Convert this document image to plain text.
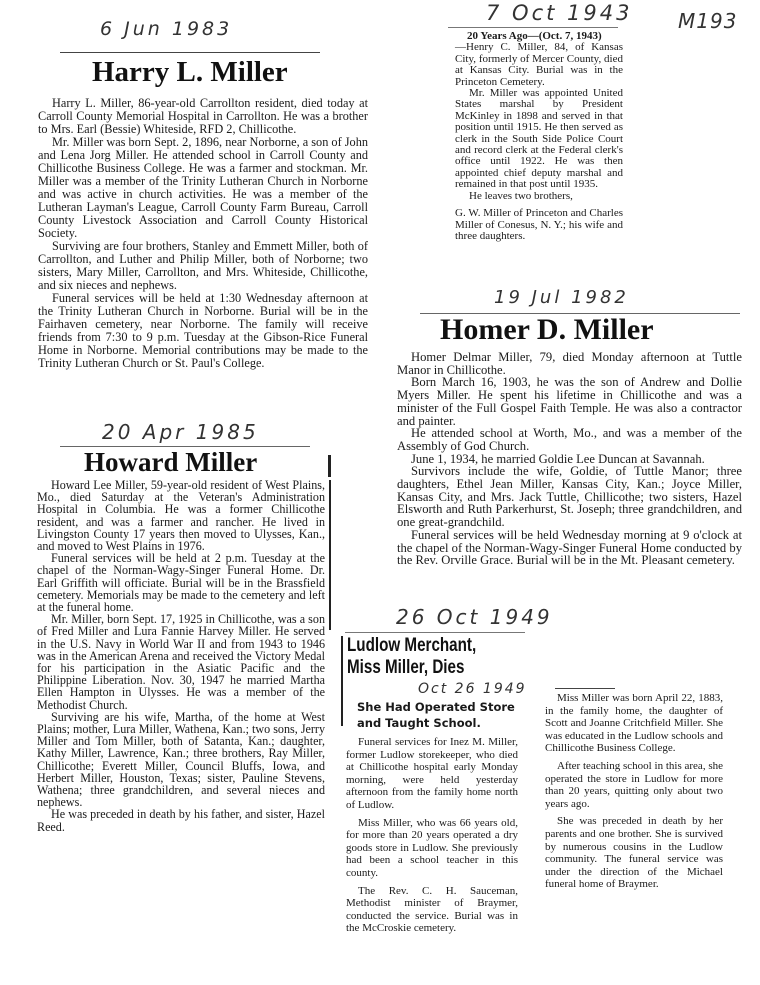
6 Jun 1983
Harry L. Miller

Harry L. Miller, 86-year-old Carrollton resident, died today at Carroll County Memorial Hospital in Carrollton. He was a brother to Mrs. Earl (Bessie) Whiteside, RFD 2, Chillicothe.

Mr. Miller was born Sept. 2, 1896, near Norborne, a son of John and Lena Jorg Miller. He attended school in Carroll County and Chillicothe Business College. He was a farmer and stockman. Mr. Miller was a member of the Trinity Lutheran Church in Norborne and was active in church activities. He was a member of the Lutheran Layman's League, Carroll County Farm Bureau, Carroll County Livestock Association and Carroll County Historical Society.

Surviving are four brothers, Stanley and Emmett Miller, both of Carrollton, and Luther and Philip Miller, both of Norborne; two sisters, Mary Miller, Carrollton, and Mrs. Whiteside, Chillicothe, and six nieces and nephews.

Funeral services will be held at 1:30 Wednesday afternoon at the Trinity Lutheran Church in Norborne. Burial will be in the Fairhaven cemetery, near Norborne. The family will receive friends from 7:30 to 9 p.m. Tuesday at the Gibson-Rice Funeral Home in Norborne. Memorial contributions may be made to the Trinity Lutheran Church or St. Paul's College.

7 Oct 1943 M193

20 Years Ago—(Oct. 7, 1943)

—Henry C. Miller, 84, of Kansas City, formerly of Mercer County, died at Kansas City. Burial was in the Princeton Cemetery.

Mr. Miller was appointed United States marshal by President McKinley in 1898 and served in that position until 1915. He then served as clerk in the South Side Police Court and record clerk at the Federal clerk's office until 1922. He was then appointed chief deputy marshal and remained in that post until 1935.

He leaves two brothers,

G. W. Miller of Princeton and Charles Miller of Conesus, N. Y.; his wife and three daughters.

19 Jul 1982
Homer D. Miller

Homer Delmar Miller, 79, died Monday afternoon at Tuttle Manor in Chillicothe.

Born March 16, 1903, he was the son of Andrew and Dollie Myers Miller. He spent his lifetime in Chillicothe and was a minister of the Full Gospel Faith Temple. He was also a contractor and painter.

He attended school at Worth, Mo., and was a member of the Assembly of God Church.

June 1, 1934, he married Goldie Lee Duncan at Savannah.

Survivors include the wife, Goldie, of Tuttle Manor; three daughters, Ethel Jean Miller, Kansas City, Kan.; Joyce Miller, Kansas City, and Mrs. Jack Tuttle, Chillicothe; two sisters, Hazel Elsworth and Ruth Parkerhurst, St. Joseph; three grandchildren, and one great-grandchild.

Funeral services will be held Wednesday morning at 9 o'clock at the chapel of the Norman-Wagy-Singer Funeral Home conducted by the Rev. Orville Grace. Burial will be in the Mt. Pleasant cemetery.

20 Apr 1985
Howard Miller

Howard Lee Miller, 59-year-old resident of West Plains, Mo., died Saturday at the Veteran's Administration Hospital in Columbia. He was a former Chillicothe resident, and was a farmer and rancher. He lived in Livingston County 17 years then moved to Ulysses, Kan., and moved to West Plains in 1976.

Funeral services will be held at 2 p.m. Tuesday at the chapel of the Norman-Wagy-Singer Funeral Home. Dr. Earl Griffith will officiate. Burial will be in the Brassfield cemetery. Memorials may be made to the cemetery and left at the funeral home.

Mr. Miller, born Sept. 17, 1925 in Chillicothe, was a son of Fred Miller and Lura Fannie Harvey Miller. He served in the U.S. Navy in World War II and from 1943 to 1946 was in the American Arena and received the Victory Medal for his participation in the Asiatic Pacific and the Philippine Liberation. Nov. 30, 1947 he married Martha Ellen Hampton in Ulysses. He was a member of the Methodist Church.

Surviving are his wife, Martha, of the home at West Plains; mother, Lura Miller, Wathena, Kan.; two sons, Jerry Miller and Tom Miller, both of Satanta, Kan.; daughter, Kathy Miller, Lawrence, Kan.; three brothers, Ray Miller, Chillicothe; Everett Miller, Council Bluffs, Iowa, and Herbert Miller, Houston, Texas; sister, Pauline Stevens, Wathena; three grandchildren, and several nieces and nephews.

He was preceded in death by his father, and sister, Hazel Reed.

26 Oct 1949
Ludlow Merchant,
Miss Miller, Dies
Oct 26 1949
She Had Operated Store
and Taught School.

Funeral services for Inez M. Miller, former Ludlow storekeeper, who died at Chillicothe hospital early Monday morning, were held yesterday afternoon from the family home north of Ludlow.

Miss Miller, who was 66 years old, for more than 20 years operated a dry goods store in Ludlow. She previously had been a school teacher in this county.

The Rev. C. H. Sauceman, Methodist minister of Braymer, conducted the service. Burial was in the McCroskie cemetery.

Miss Miller was born April 22, 1883, in the family home, the daughter of Scott and Joanne Critchfield Miller. She was educated in the Ludlow schools and Chillicothe Business College.

After teaching school in this area, she operated the store in Ludlow for more than 20 years, quitting only about two years ago.

She was preceded in death by her parents and one brother. She is survived by numerous cousins in the Ludlow community. The funeral service was under the direction of the Michael funeral home of Braymer.
